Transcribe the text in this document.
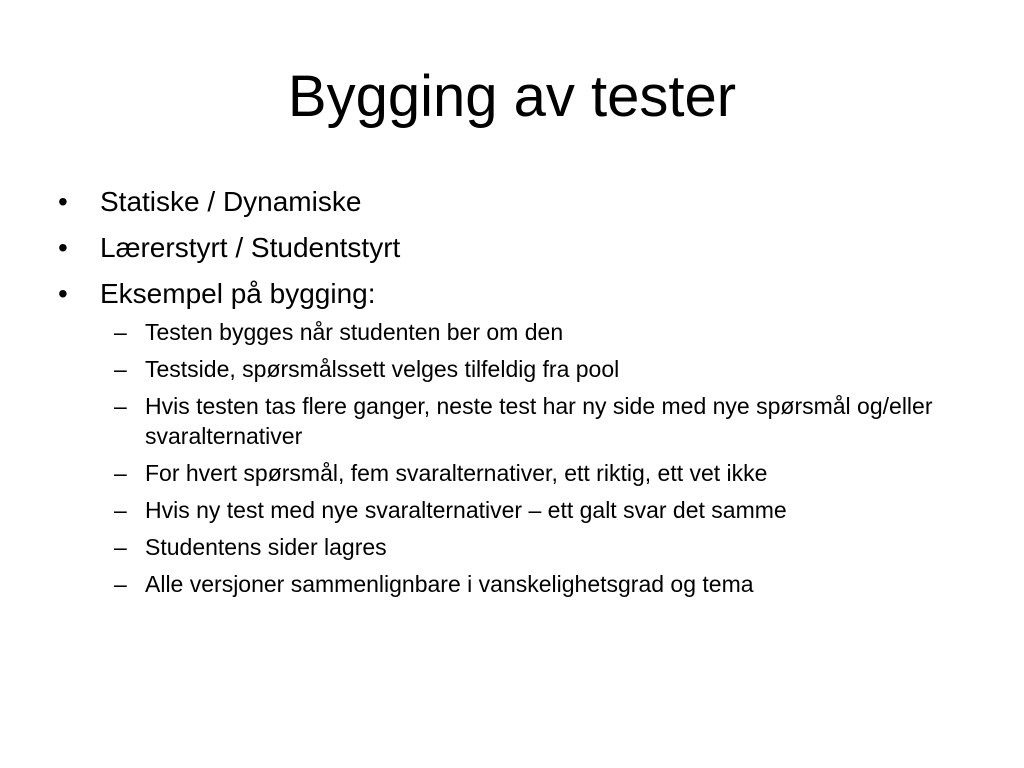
Bygging av tester
•	Statiske / Dynamiske
•	Lærerstyrt / Studentstyrt
•	Eksempel på bygging:
– Testen bygges når studenten ber om den
– Testside, spørsmålssett velges tilfeldig fra pool
– Hvis testen tas flere ganger, neste test har ny side med nye spørsmål og/eller svaralternativer
– For hvert spørsmål, fem svaralternativer, ett riktig, ett vet ikke
– Hvis ny test med nye svaralternativer – ett galt svar det samme
– Studentens sider lagres
– Alle versjoner sammenlignbare i vanskelighetsgrad og tema
